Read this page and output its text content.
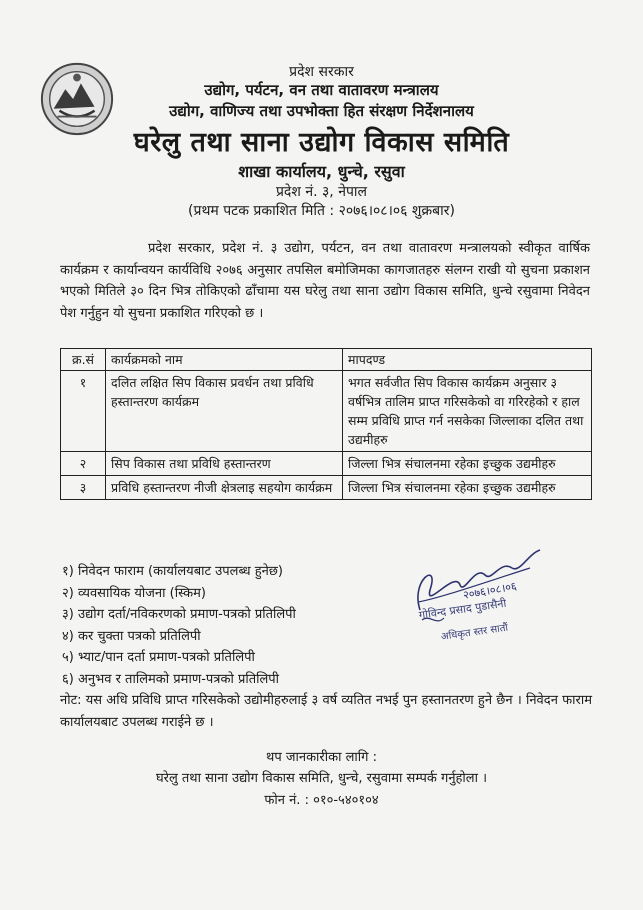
प्रदेश सरकार
उद्योग, पर्यटन, वन तथा वातावरण मन्त्रालय
उद्योग, वाणिज्य तथा उपभोक्ता हित संरक्षण निर्देशनालय
घरेलु तथा साना उद्योग विकास समिति
शाखा कार्यालय, धुन्चे, रसुवा
प्रदेश नं. ३, नेपाल
(प्रथम पटक प्रकाशित मिति : २०७६।०८।०६ शुक्रबार)
प्रदेश सरकार, प्रदेश नं. ३ उद्योग, पर्यटन, वन तथा वातावरण मन्त्रालयको स्वीकृत वार्षिक कार्यक्रम र कार्यान्वयन कार्यविधि २०७६ अनुसार तपसिल बमोजिमका कागजातहरु संलग्न राखी यो सुचना प्रकाशन भएको मितिले ३० दिन भित्र तोकिएको ढाँचामा यस घरेलु तथा साना उद्योग विकास समिति, धुन्चे रसुवामा निवेदन पेश गर्नुहुन यो सुचना प्रकाशित गरिएको छ ।
क्र.सं	कार्यक्रमको नाम	मापदण्ड
१	दलित लक्षित सिप विकास प्रवर्धन तथा प्रविधि हस्तान्तरण कार्यक्रम	भगत सर्वजीत सिप विकास कार्यक्रम अनुसार ३ वर्षभित्र तालिम प्राप्त गरिसकेको वा गरिरहेको र हाल सम्म प्रविधि प्राप्त गर्न नसकेका जिल्लाका दलित तथा उद्यमीहरु
२	सिप विकास तथा प्रविधि हस्तान्तरण	जिल्ला भित्र संचालनमा रहेका इच्छुक उद्यमीहरु
३	प्रविधि हस्तान्तरण नीजी क्षेत्रलाइ सहयोग कार्यक्रम	जिल्ला भित्र संचालनमा रहेका इच्छुक उद्यमीहरु
१) निवेदन फाराम (कार्यालयबाट उपलब्ध हुनेछ)
२) व्यवसायिक योजना (स्किम)
३) उद्योग दर्ता/नविकरणको प्रमाण-पत्रको प्रतिलिपी
४) कर चुक्ता पत्रको प्रतिलिपी
५) भ्याट/पान दर्ता प्रमाण-पत्रको प्रतिलिपी
६) अनुभव र तालिमको प्रमाण-पत्रको प्रतिलिपी
२०७६।०८।०६
गोविन्द प्रसाद पुडासैनी
अधिकृत स्तर सातौं
नोट: यस अधि प्रविधि प्राप्त गरिसकेको उद्योमीहरुलाई ३ वर्ष व्यतित नभई पुन हस्तानतरण हुने छैन । निवेदन फाराम कार्यालयबाट उपलब्ध गराईने छ ।
थप जानकारीका लागि :
घरेलु तथा साना उद्योग विकास समिति, धुन्चे, रसुवामा सम्पर्क गर्नुहोला ।
फोन नं. : ०१०-५४०१०४
